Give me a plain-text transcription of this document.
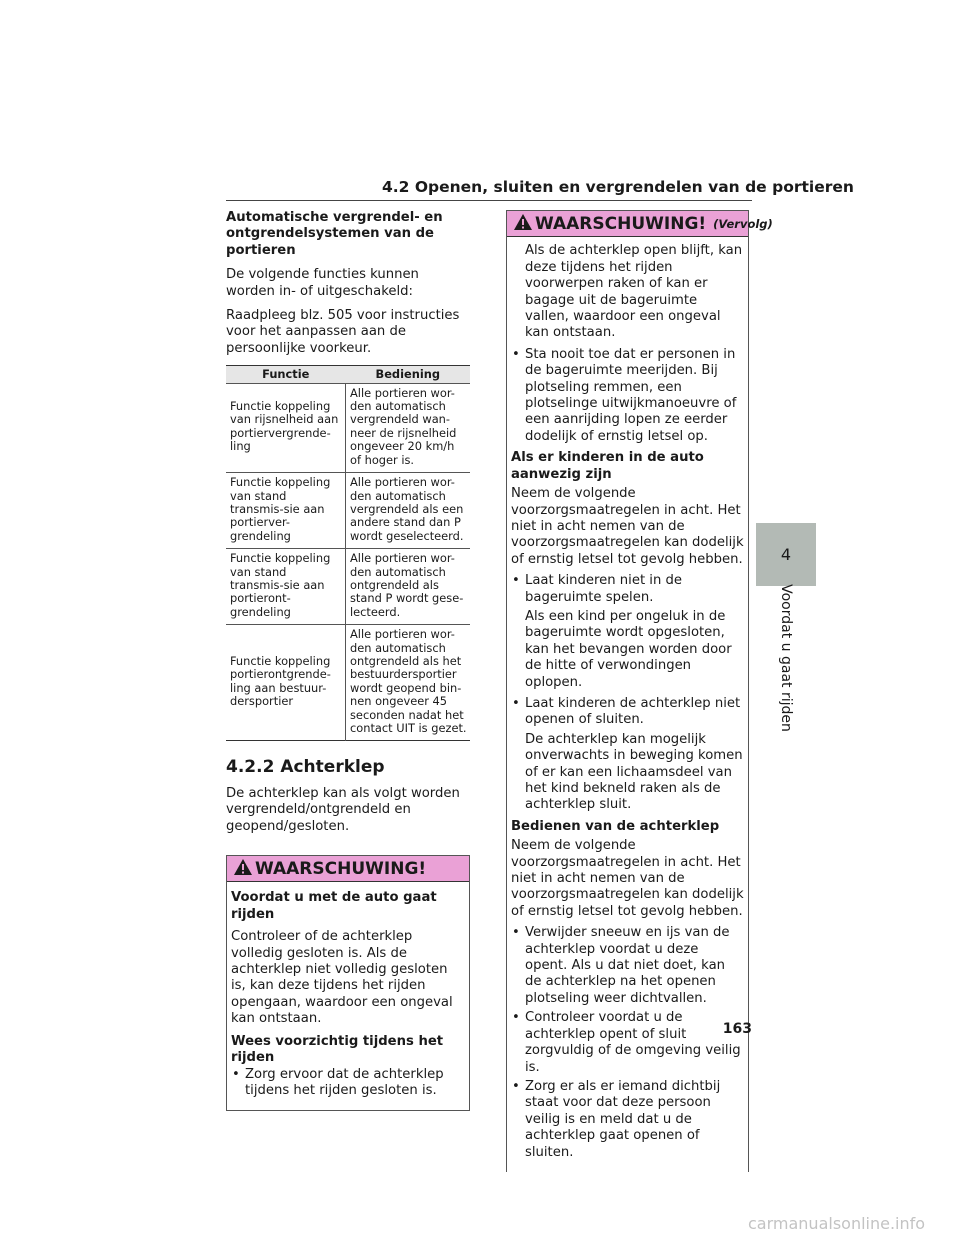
4.2 Openen, sluiten en vergrendelen van de portieren

Automatische vergrendel- en ontgrendelsystemen van de portieren

De volgende functies kunnen worden in- of uitgeschakeld:

Raadpleeg blz. 505 voor instructies voor het aanpassen aan de persoonlijke voorkeur.

Functie	Bediening
Functie koppeling van rijsnelheid aan portiervergrende-ling	Alle portieren wor-den automatisch vergrendeld wan-neer de rijsnelheid ongeveer 20 km/h of hoger is.
Functie koppeling van stand transmis-sie aan portierver-grendeling	Alle portieren wor-den automatisch vergrendeld als een andere stand dan P wordt geselecteerd.
Functie koppeling van stand transmis-sie aan portieront-grendeling	Alle portieren wor-den automatisch ontgrendeld als stand P wordt gese-lecteerd.
Functie koppeling portierontgrende-ling aan bestuur-dersportier	Alle portieren wor-den automatisch ontgrendeld als het bestuurdersportier wordt geopend bin-nen ongeveer 45 seconden nadat het contact UIT is gezet.
4.2.2 Achterklep

De achterklep kan als volgt worden vergrendeld/ontgrendeld en geopend/gesloten.

WAARSCHUWING!

Voordat u met de auto gaat rijden

Controleer of de achterklep volledig gesloten is. Als de achterklep niet volledig gesloten is, kan deze tijdens het rijden opengaan, waardoor een ongeval kan ontstaan.

Wees voorzichtig tijdens het rijden

• Zorg ervoor dat de achterklep tijdens het rijden gesloten is.
WAARSCHUWING! (Vervolg)

Als de achterklep open blijft, kan deze tijdens het rijden voorwerpen raken of kan er bagage uit de bageruimte vallen, waardoor een ongeval kan ontstaan.

• Sta nooit toe dat er personen in de bageruimte meerijden. Bij plotseling remmen, een plotselinge uitwijkmanoeuvre of een aanrijding lopen ze eerder dodelijk of ernstig letsel op.

Als er kinderen in de auto aanwezig zijn

Neem de volgende voorzorgsmaatregelen in acht. Het niet in acht nemen van de voorzorgsmaatregelen kan dodelijk of ernstig letsel tot gevolg hebben.

• Laat kinderen niet in de bageruimte spelen.

Als een kind per ongeluk in de bageruimte wordt opgesloten, kan het bevangen worden door de hitte of verwondingen oplopen.

• Laat kinderen de achterklep niet openen of sluiten.

De achterklep kan mogelijk onverwachts in beweging komen of er kan een lichaamsdeel van het kind bekneld raken als de achterklep sluit.

Bedienen van de achterklep

Neem de volgende voorzorgsmaatregelen in acht. Het niet in acht nemen van de voorzorgsmaatregelen kan dodelijk of ernstig letsel tot gevolg hebben.

• Verwijder sneeuw en ijs van de achterklep voordat u deze opent. Als u dat niet doet, kan de achterklep na het openen plotseling weer dichtvallen.
• Controleer voordat u de achterklep opent of sluit zorgvuldig of de omgeving veilig is.
• Zorg er als er iemand dichtbij staat voor dat deze persoon veilig is en meld dat u de achterklep gaat openen of sluiten.
4
Voordat u gaat rijden
163
carmanualsonline.info
